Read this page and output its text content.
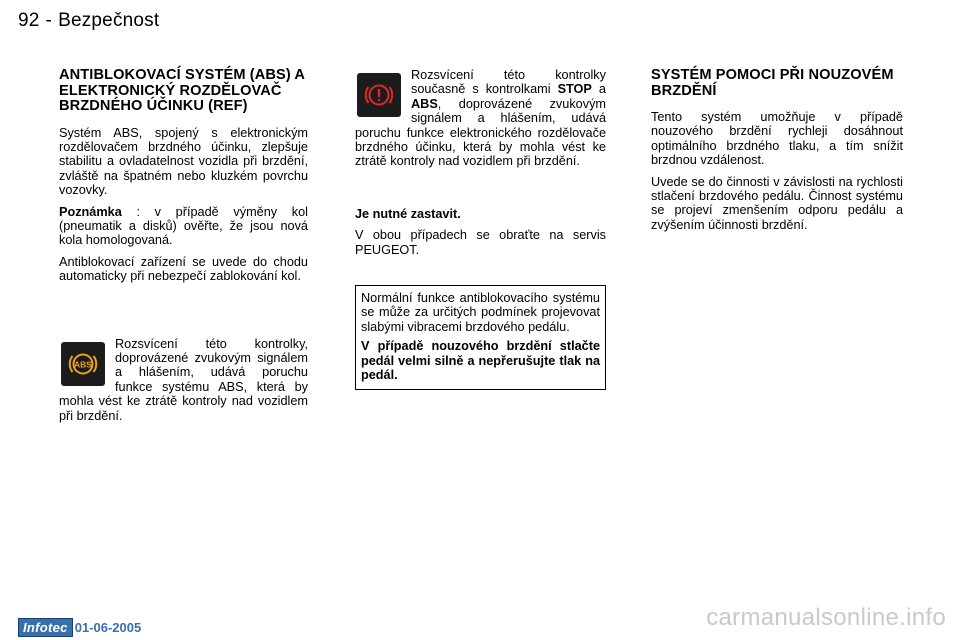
92 - Bezpečnost
ANTIBLOKOVACÍ SYSTÉM (ABS) A ELEKTRONICKÝ ROZDĚLOVAČ BRZDNÉHO ÚČINKU (REF)

Systém ABS, spojený s elektronickým rozdělovačem brzdného účinku, zlepšuje stabilitu a ovladatelnost vozidla při brzdění, zvláště na špatném nebo kluzkém povrchu vozovky.

Poznámka : v případě výměny kol (pneumatik a disků) ověřte, že jsou nová kola homologovaná.

Antiblokovací zařízení se uvede do chodu automaticky při nebezpečí zablokování kol.

ABS

Rozsvícení této kontrolky, doprovázené zvukovým signálem a hlášením, udává poruchu funkce systému ABS, která by mohla vést ke ztrátě kontroly nad vozidlem při brzdění.

Rozsvícení této kontrolky současně s kontrolkami STOP a ABS, doprovázené zvukovým signálem a hlášením, udává poruchu funkce elektronického rozdělovače brzdného účinku, která by mohla vést ke ztrátě kontroly nad vozidlem při brzdění.

Je nutné zastavit.

V obou případech se obraťte na servis PEUGEOT.

Normální funkce antiblokovacího systému se může za určitých podmínek projevovat slabými vibracemi brzdového pedálu.

V případě nouzového brzdění stlačte pedál velmi silně a nepřerušujte tlak na pedál.

SYSTÉM POMOCI PŘI NOUZOVÉM BRZDĚNÍ

Tento systém umožňuje v případě nouzového brzdění rychleji dosáhnout optimálního brzdného tlaku, a tím snížit brzdnou vzdálenost.

Uvede se do činnosti v závislosti na rychlosti stlačení brzdového pedálu. Činnost systému se projeví zmenšením odporu pedálu a zvýšením účinnosti brzdění.

Infotec 01-06-2005	carmanualsonline.info
